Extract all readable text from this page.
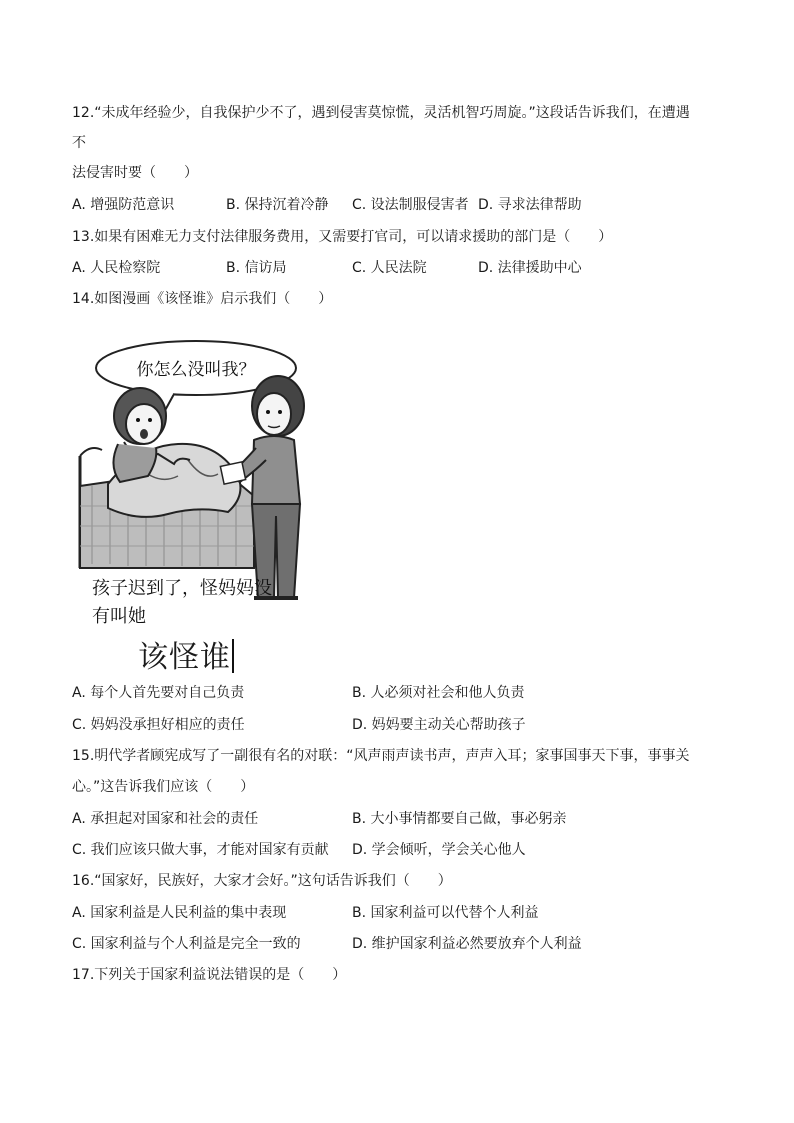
12.“未成年经验少，自我保护少不了，遇到侵害莫惊慌，灵活机智巧周旋。”这段话告诉我们，在遭遇
不
法侵害时要（　　）
A. 增强防范意识	B. 保持沉着冷静 C. 设法制服侵害者 D. 寻求法律帮助
13.如果有困难无力支付法律服务费用，又需要打官司，可以请求援助的部门是（　　）
A. 人民检察院	B. 信访局	C. 人民法院	D. 法律援助中心
14.如图漫画《该怪谁》启示我们（　　）
你怎么没叫我？
孩子迟到了，怪妈妈没
有叫她
该怪谁
A. 每个人首先要对自己负责	B. 人必须对社会和他人负责
C. 妈妈没承担好相应的责任	D. 妈妈要主动关心帮助孩子
15.明代学者顾宪成写了一副很有名的对联：“风声雨声读书声，声声入耳；家事国事天下事，事事关
心。”这告诉我们应该（　　）
A. 承担起对国家和社会的责任	B. 大小事情都要自己做，事必躬亲
C. 我们应该只做大事，才能对国家有贡献 D. 学会倾听，学会关心他人
16.“国家好，民族好，大家才会好。”这句话告诉我们（　　）
A. 国家利益是人民利益的集中表现	B. 国家利益可以代替个人利益
C. 国家利益与个人利益是完全一致的	D. 维护国家利益必然要放弃个人利益
17.下列关于国家利益说法错误的是（　　）
